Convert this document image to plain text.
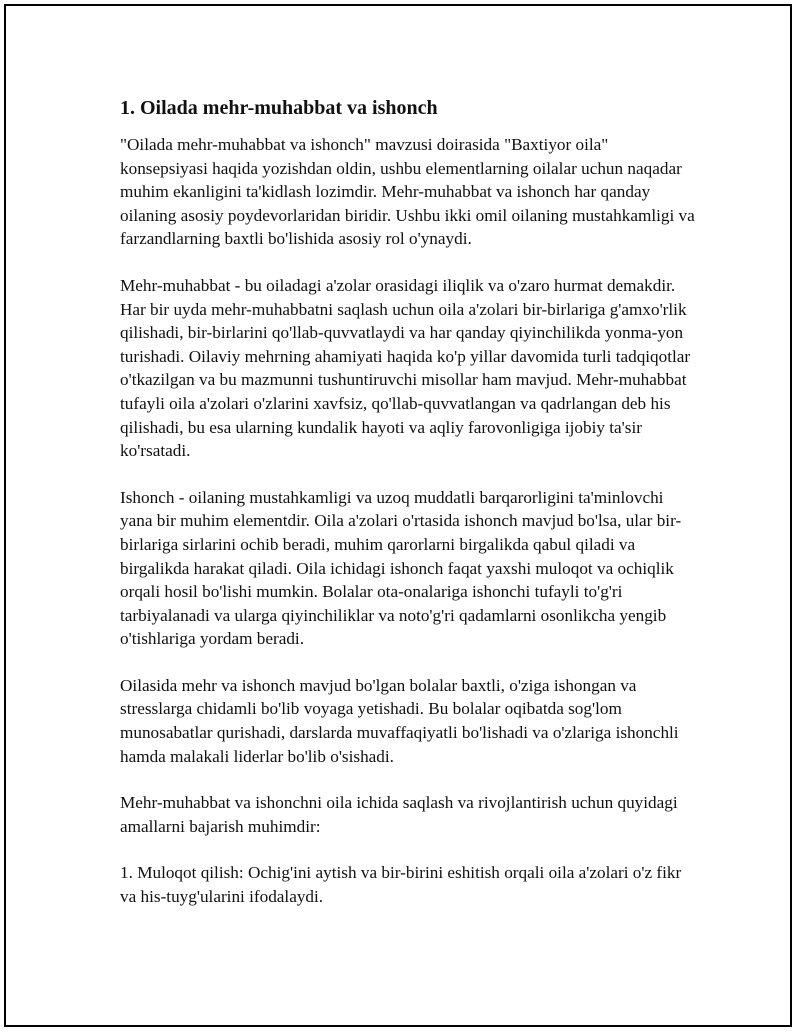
1. Oilada mehr-muhabbat va ishonch

"Oilada mehr-muhabbat va ishonch" mavzusi doirasida "Baxtiyor oila" konsepsiyasi haqida yozishdan oldin, ushbu elementlarning oilalar uchun naqadar muhim ekanligini ta'kidlash lozimdir. Mehr-muhabbat va ishonch har qanday oilaning asosiy poydevorlaridan biridir. Ushbu ikki omil oilaning mustahkamligi va farzandlarning baxtli bo'lishida asosiy rol o'ynaydi.

Mehr-muhabbat - bu oiladagi a'zolar orasidagi iliqlik va o'zaro hurmat demakdir. Har bir uyda mehr-muhabbatni saqlash uchun oila a'zolari bir-birlariga g'amxo'rlik qilishadi, bir-birlarini qo'llab-quvvatlaydi va har qanday qiyinchilikda yonma-yon turishadi. Oilaviy mehrning ahamiyati haqida ko'p yillar davomida turli tadqiqotlar o'tkazilgan va bu mazmunni tushuntiruvchi misollar ham mavjud. Mehr-muhabbat tufayli oila a'zolari o'zlarini xavfsiz, qo'llab-quvvatlangan va qadrlangan deb his qilishadi, bu esa ularning kundalik hayoti va aqliy farovonligiga ijobiy ta'sir ko'rsatadi.

Ishonch - oilaning mustahkamligi va uzoq muddatli barqarorligini ta'minlovchi yana bir muhim elementdir. Oila a'zolari o'rtasida ishonch mavjud bo'lsa, ular bir-birlariga sirlarini ochib beradi, muhim qarorlarni birgalikda qabul qiladi va birgalikda harakat qiladi. Oila ichidagi ishonch faqat yaxshi muloqot va ochiqlik orqali hosil bo'lishi mumkin. Bolalar ota-onalariga ishonchi tufayli to'g'ri tarbiyalanadi va ularga qiyinchiliklar va noto'g'ri qadamlarni osonlikcha yengib o'tishlariga yordam beradi.

Oilasida mehr va ishonch mavjud bo'lgan bolalar baxtli, o'ziga ishongan va stresslarga chidamli bo'lib voyaga yetishadi. Bu bolalar oqibatda sog'lom munosabatlar qurishadi, darslarda muvaffaqiyatli bo'lishadi va o'zlariga ishonchli hamda malakali liderlar bo'lib o'sishadi.

Mehr-muhabbat va ishonchni oila ichida saqlash va rivojlantirish uchun quyidagi amallarni bajarish muhimdir:

1. Muloqot qilish: Ochig'ini aytish va bir-birini eshitish orqali oila a'zolari o'z fikr va his-tuyg'ularini ifodalaydi.
